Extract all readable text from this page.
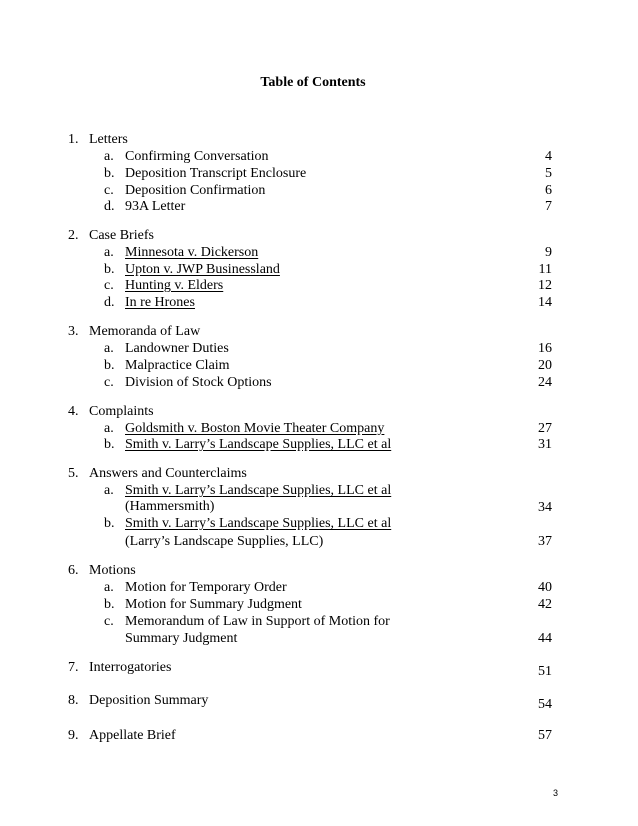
Table of Contents
1. Letters
a. Confirming Conversation	4
b. Deposition Transcript Enclosure	5
c. Deposition Confirmation	6
d. 93A Letter	7
2. Case Briefs
a. Minnesota v. Dickerson	9
b. Upton v. JWP Businessland	11
c. Hunting v. Elders	12
d. In re Hrones	14
3. Memoranda of Law
a. Landowner Duties	16
b. Malpractice Claim	20
c. Division of Stock Options	24
4. Complaints
a. Goldsmith v. Boston Movie Theater Company	27
b. Smith v. Larry’s Landscape Supplies, LLC et al	31
5. Answers and Counterclaims
a. Smith v. Larry’s Landscape Supplies, LLC et al
(Hammersmith)	34
b. Smith v. Larry’s Landscape Supplies, LLC et al
(Larry’s Landscape Supplies, LLC)	37
6. Motions
a. Motion for Temporary Order	40
b. Motion for Summary Judgment	42
c. Memorandum of Law in Support of Motion for
Summary Judgment	44
7. Interrogatories	51
8. Deposition Summary	54
9. Appellate Brief	57
3
